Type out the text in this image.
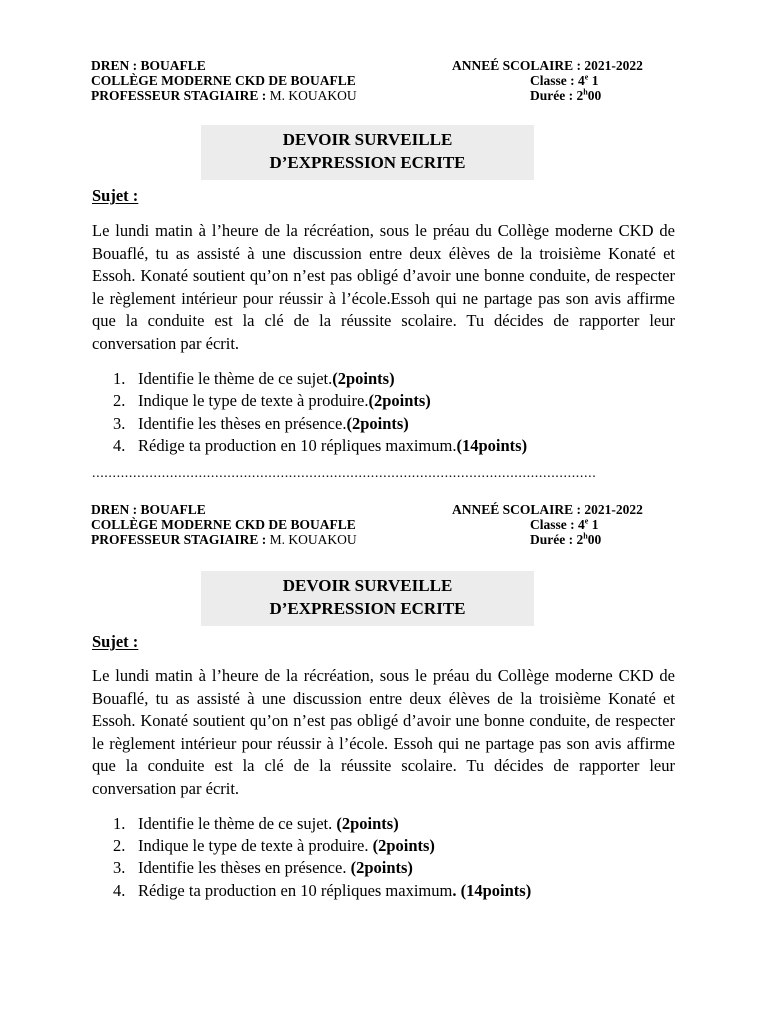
DREN : BOUAFLE
COLLÈGE MODERNE CKD DE BOUAFLE
PROFESSEUR STAGIAIRE : M. KOUAKOU
ANNEÉ SCOLAIRE : 2021-2022
Classe : 4e 1
Durée : 2$^h$00
DEVOIR SURVEILLE
D’EXPRESSION ECRITE
Sujet :

Le lundi matin à l’heure de la récréation, sous le préau du Collège moderne CKD de Bouaflé, tu as assisté à une discussion entre deux élèves de la troisième Konaté et Essoh. Konaté soutient qu’on n’est pas obligé d’avoir une bonne conduite, de respecter le règlement intérieur pour réussir à l’école.Essoh qui ne partage pas son avis affirme que la conduite est la clé de la réussite scolaire. Tu décides de rapporter leur conversation par écrit.

1. Identifie le thème de ce sujet.(2points)
2. Indique le type de texte à produire.(2points)
3. Identifie les thèses en présence.(2points)
4. Rédige ta production en 10 répliques maximum.(14points)
...........................................................................................................................
DREN : BOUAFLE
COLLÈGE MODERNE CKD DE BOUAFLE
PROFESSEUR STAGIAIRE : M. KOUAKOU
ANNEÉ SCOLAIRE : 2021-2022
Classe : 4e 1
Durée : 2$^h$00
DEVOIR SURVEILLE
D’EXPRESSION ECRITE
Sujet :

Le lundi matin à l’heure de la récréation, sous le préau du Collège moderne CKD de Bouaflé, tu as assisté à une discussion entre deux élèves de la troisième Konaté et Essoh. Konaté soutient qu’on n’est pas obligé d’avoir une bonne conduite, de respecter le règlement intérieur pour réussir à l’école. Essoh qui ne partage pas son avis affirme que la conduite est la clé de la réussite scolaire. Tu décides de rapporter leur conversation par écrit.

1. Identifie le thème de ce sujet. (2points)
2. Indique le type de texte à produire. (2points)
3. Identifie les thèses en présence. (2points)
4. Rédige ta production en 10 répliques maximum. (14points)
